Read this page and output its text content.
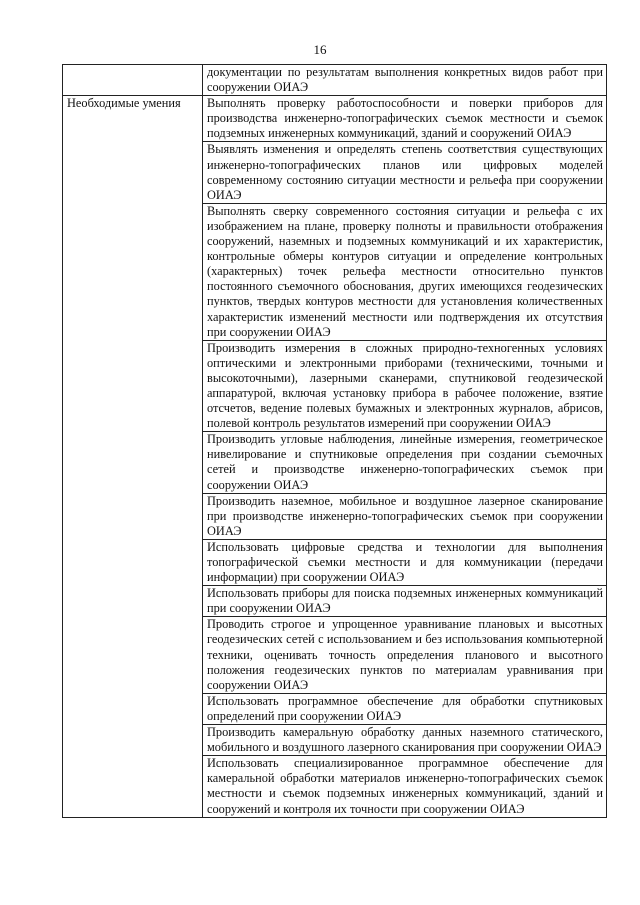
16
	документации по результатам выполнения конкретных видов работ при сооружении ОИАЭ
Необходимые умения	Выполнять проверку работоспособности и поверки приборов для производства инженерно-топографических съемок местности и съемок подземных инженерных коммуникаций, зданий и сооружений ОИАЭ
	Выявлять изменения и определять степень соответствия существующих инженерно-топографических планов или цифровых моделей современному состоянию ситуации местности и рельефа при сооружении ОИАЭ
	Выполнять сверку современного состояния ситуации и рельефа с их изображением на плане, проверку полноты и правильности отображения сооружений, наземных и подземных коммуникаций и их характеристик, контрольные обмеры контуров ситуации и определение контрольных (характерных) точек рельефа местности относительно пунктов постоянного съемочного обоснования, других имеющихся геодезических пунктов, твердых контуров местности для установления количественных характеристик изменений местности или подтверждения их отсутствия при сооружении ОИАЭ
	Производить измерения в сложных природно-техногенных условиях оптическими и электронными приборами (техническими, точными и высокоточными), лазерными сканерами, спутниковой геодезической аппаратурой, включая установку прибора в рабочее положение, взятие отсчетов, ведение полевых бумажных и электронных журналов, абрисов, полевой контроль результатов измерений при сооружении ОИАЭ
	Производить угловые наблюдения, линейные измерения, геометрическое нивелирование и спутниковые определения при создании съемочных сетей и производстве инженерно-топографических съемок при сооружении ОИАЭ
	Производить наземное, мобильное и воздушное лазерное сканирование при производстве инженерно-топографических съемок при сооружении ОИАЭ
	Использовать цифровые средства и технологии для выполнения топографической съемки местности и для коммуникации (передачи информации) при сооружении ОИАЭ
	Использовать приборы для поиска подземных инженерных коммуникаций при сооружении ОИАЭ
	Проводить строгое и упрощенное уравнивание плановых и высотных геодезических сетей с использованием и без использования компьютерной техники, оценивать точность определения планового и высотного положения геодезических пунктов по материалам уравнивания при сооружении ОИАЭ
	Использовать программное обеспечение для обработки спутниковых определений при сооружении ОИАЭ
	Производить камеральную обработку данных наземного статического, мобильного и воздушного лазерного сканирования при сооружении ОИАЭ
	Использовать специализированное программное обеспечение для камеральной обработки материалов инженерно-топографических съемок местности и съемок подземных инженерных коммуникаций, зданий и сооружений и контроля их точности при сооружении ОИАЭ
